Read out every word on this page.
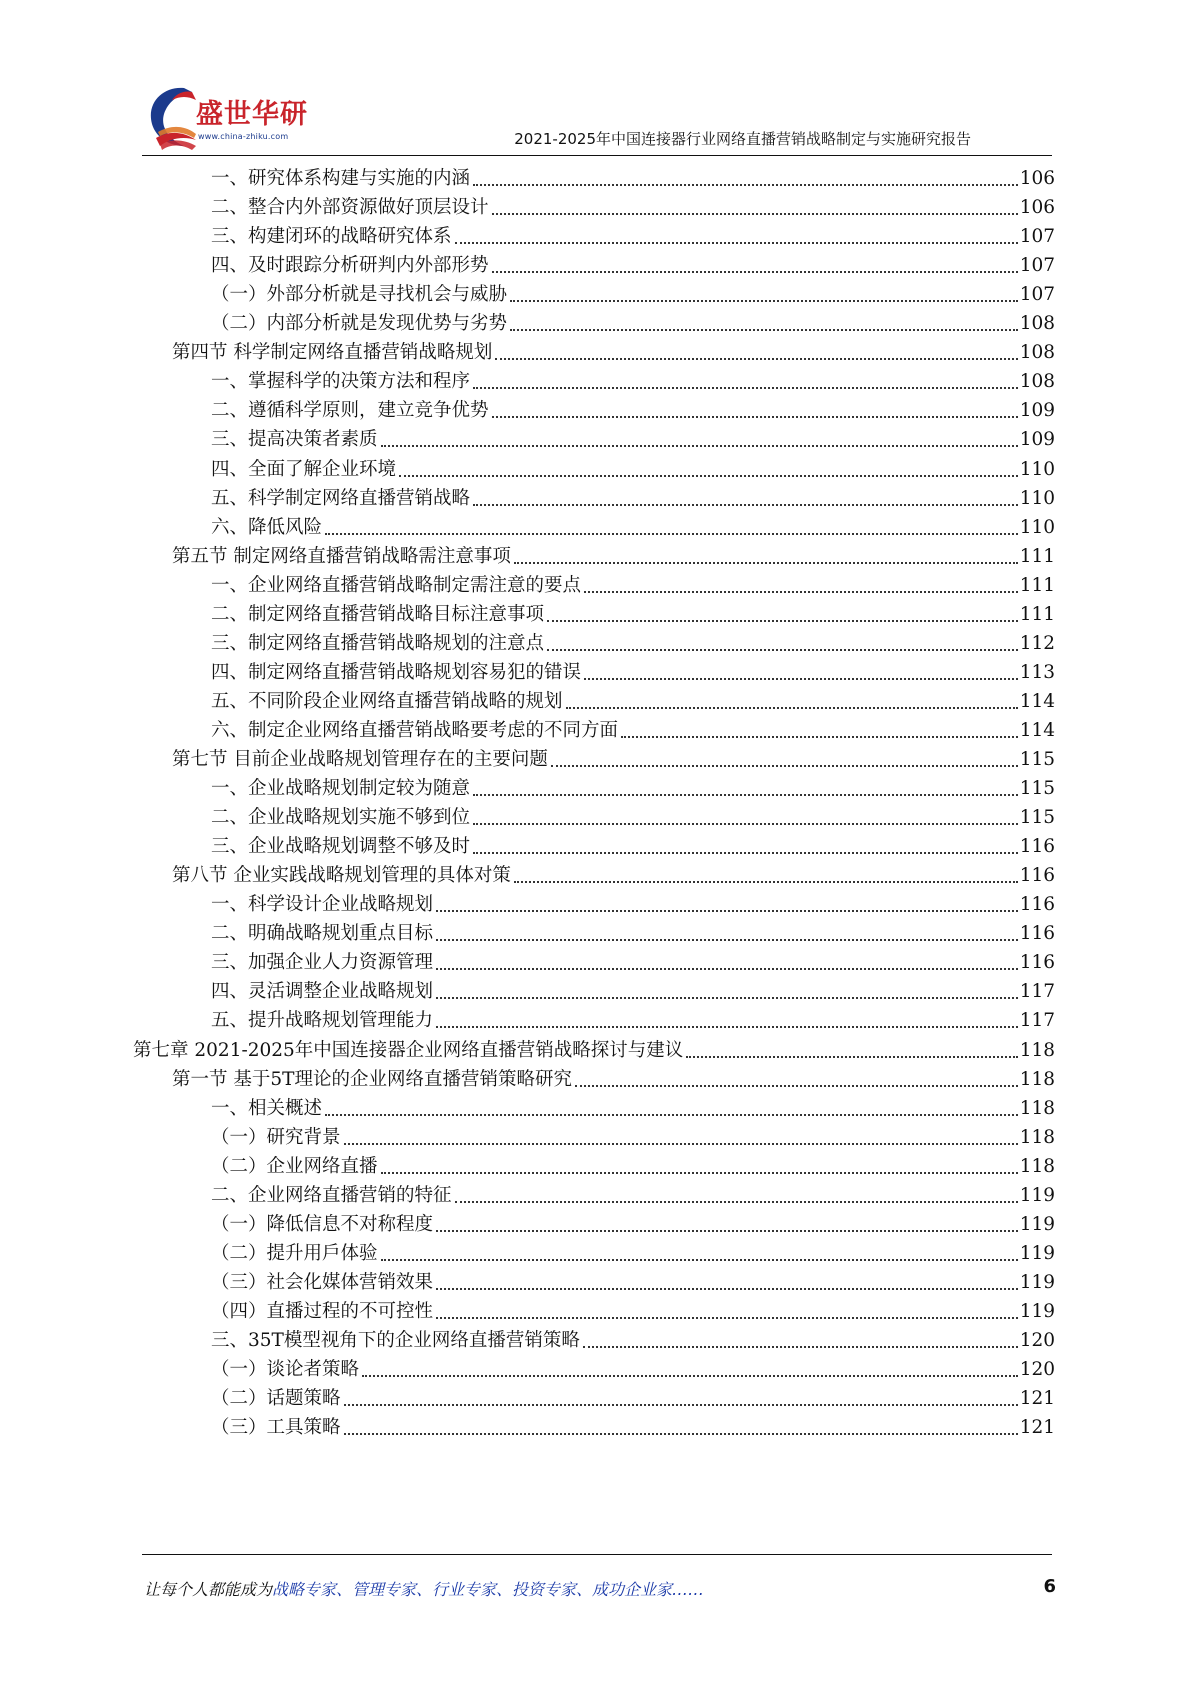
盛世华研
www.china-zhiku.com	2021-2025年中国连接器行业网络直播营销战略制定与实施研究报告
一、研究体系构建与实施的内涵	106
二、整合内外部资源做好顶层设计	106
三、构建闭环的战略研究体系	107
四、及时跟踪分析研判内外部形势	107
（一）外部分析就是寻找机会与威胁	107
（二）内部分析就是发现优势与劣势	108
第四节 科学制定网络直播营销战略规划	108
一、掌握科学的决策方法和程序	108
二、遵循科学原则，建立竞争优势	109
三、提高决策者素质	109
四、全面了解企业环境	110
五、科学制定网络直播营销战略	110
六、降低风险	110
第五节 制定网络直播营销战略需注意事项	111
一、企业网络直播营销战略制定需注意的要点	111
二、制定网络直播营销战略目标注意事项	111
三、制定网络直播营销战略规划的注意点	112
四、制定网络直播营销战略规划容易犯的错误	113
五、不同阶段企业网络直播营销战略的规划	114
六、制定企业网络直播营销战略要考虑的不同方面	114
第七节 目前企业战略规划管理存在的主要问题	115
一、企业战略规划制定较为随意	115
二、企业战略规划实施不够到位	115
三、企业战略规划调整不够及时	116
第八节 企业实践战略规划管理的具体对策	116
一、科学设计企业战略规划	116
二、明确战略规划重点目标	116
三、加强企业人力资源管理	116
四、灵活调整企业战略规划	117
五、提升战略规划管理能力	117
第七章 2021-2025年中国连接器企业网络直播营销战略探讨与建议	118
第一节 基于5T理论的企业网络直播营销策略研究	118
一、相关概述	118
（一）研究背景	118
（二）企业网络直播	118
二、企业网络直播营销的特征	119
（一）降低信息不对称程度	119
（二）提升用戶体验	119
（三）社会化媒体营销效果	119
（四）直播过程的不可控性	119
三、35T模型视角下的企业网络直播营销策略	120
（一）谈论者策略	120
（二）话题策略	121
（三）工具策略	121
让每个人都能成为战略专家、管理专家、行业专家、投资专家、成功企业家……	6
